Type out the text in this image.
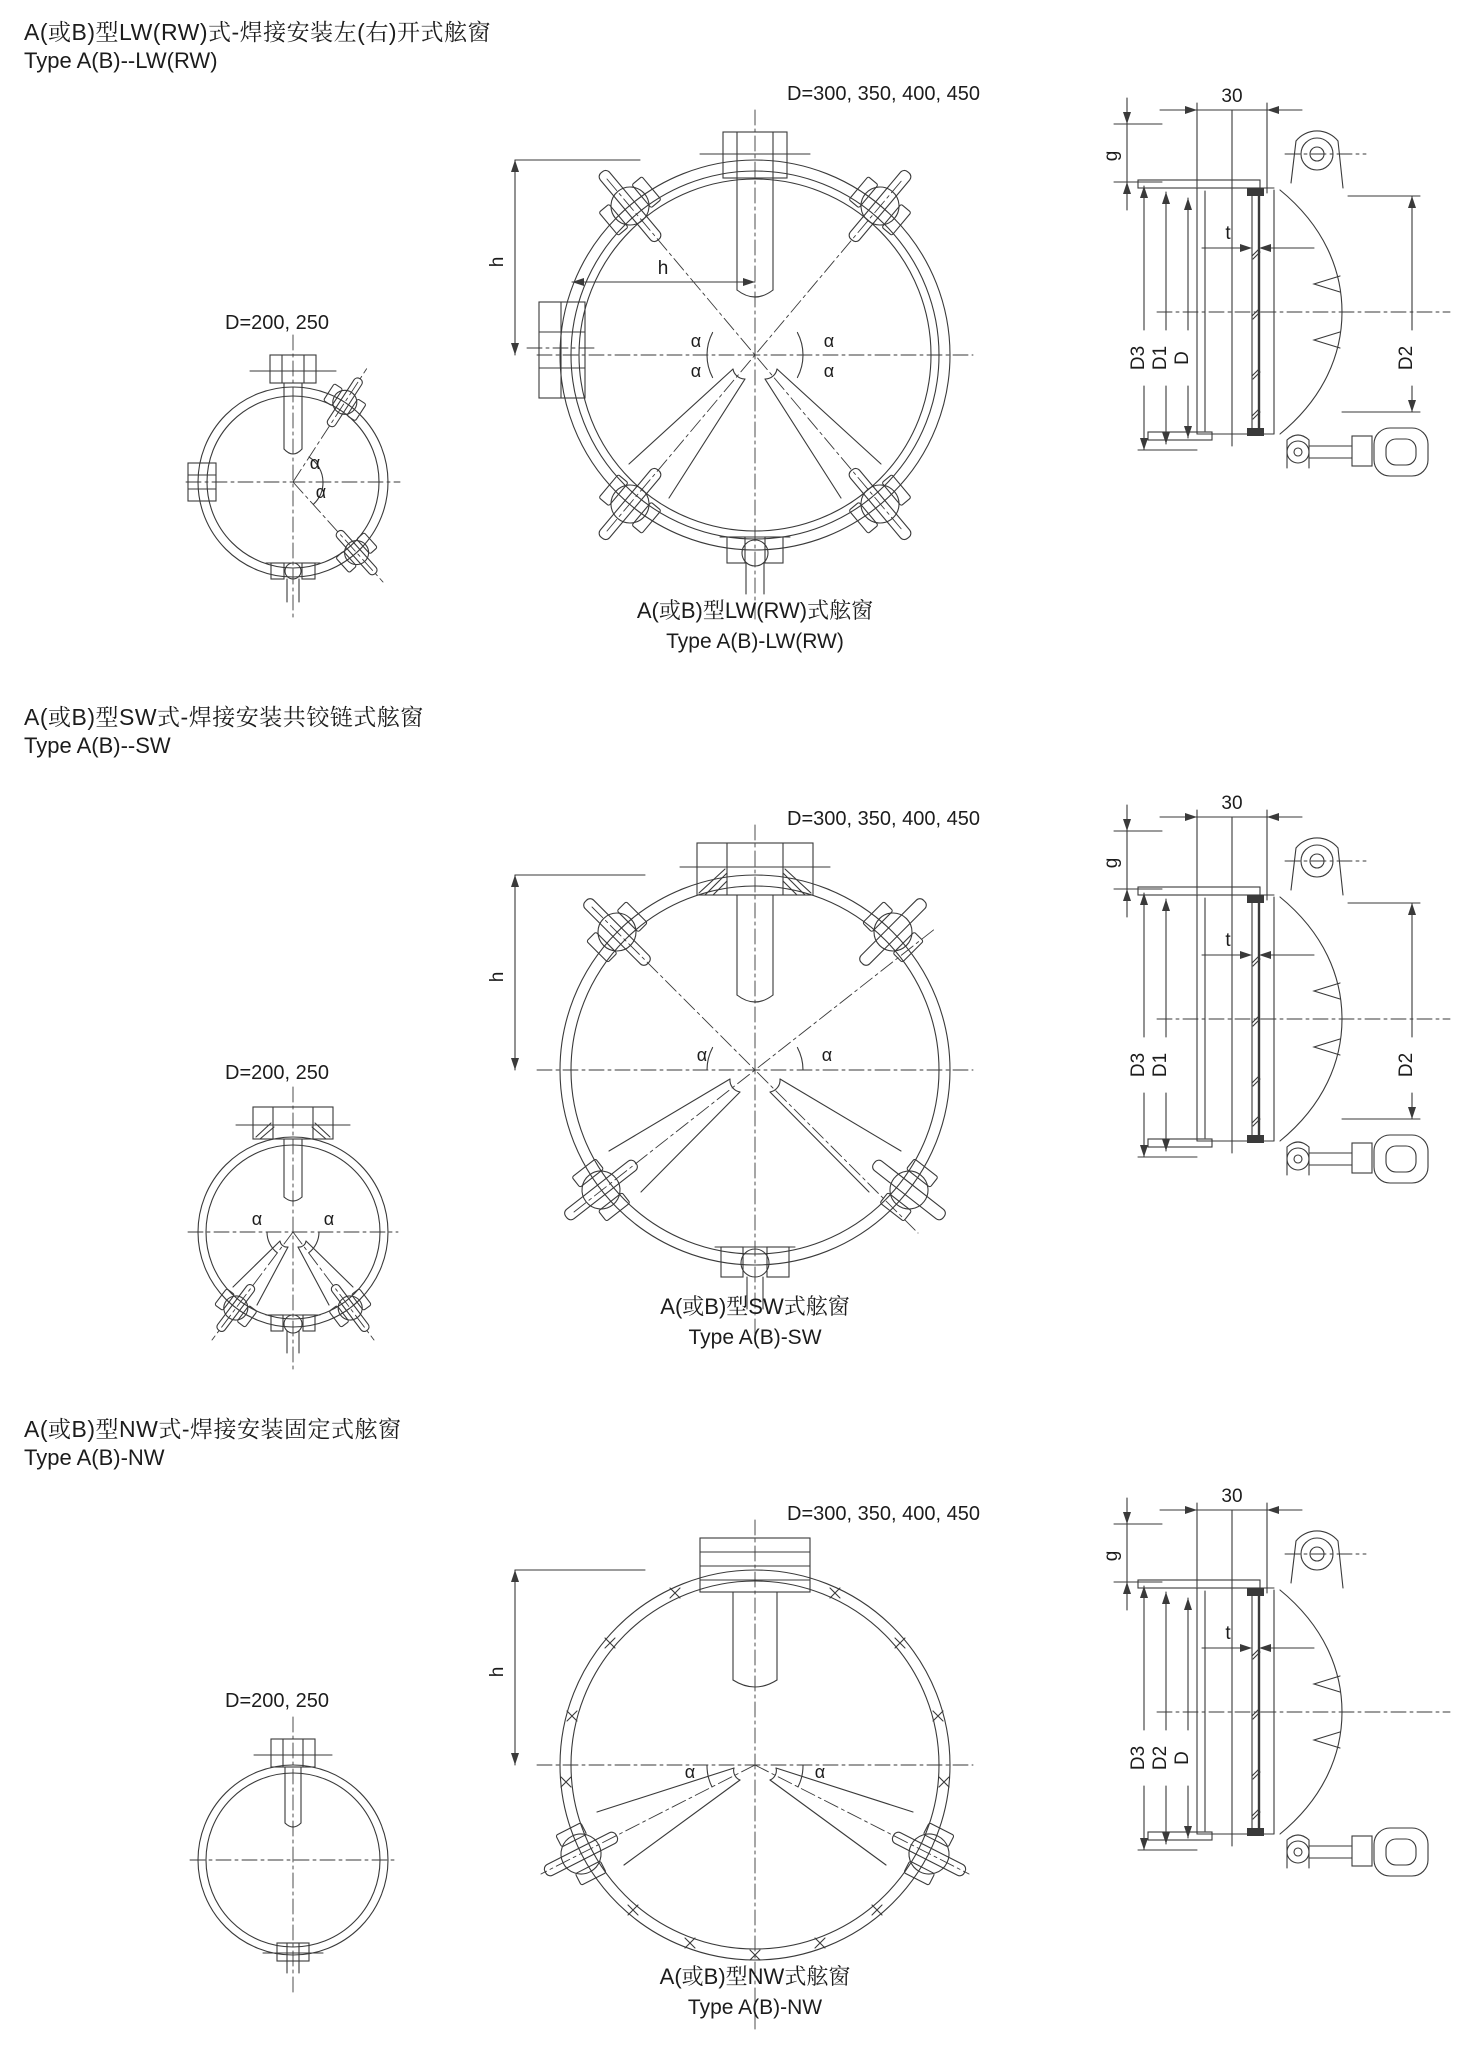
A(或B)型LW(RW)式-焊接安装左(右)开式舷窗
Type A(B)--LW(RW)
D=200, 250
α
α
D=300, 350, 400, 450
h	h
α
α
α
α
30
g
t
D3 D1 D	D2
A(或B)型LW(RW)式舷窗
Type A(B)-LW(RW)
A(或B)型SW式-焊接安装共铰链式舷窗
Type A(B)--SW
D=200, 250
α	α
D=300, 350, 400, 450
h
α	α
30
g
t
D3 D1	D2
A(或B)型SW式舷窗
Type A(B)-SW
A(或B)型NW式-焊接安装固定式舷窗
Type A(B)-NW
D=200, 250
D=300, 350, 400, 450
h
α	α
30
g
t
D3 D2 D
A(或B)型NW式舷窗
Type A(B)-NW
